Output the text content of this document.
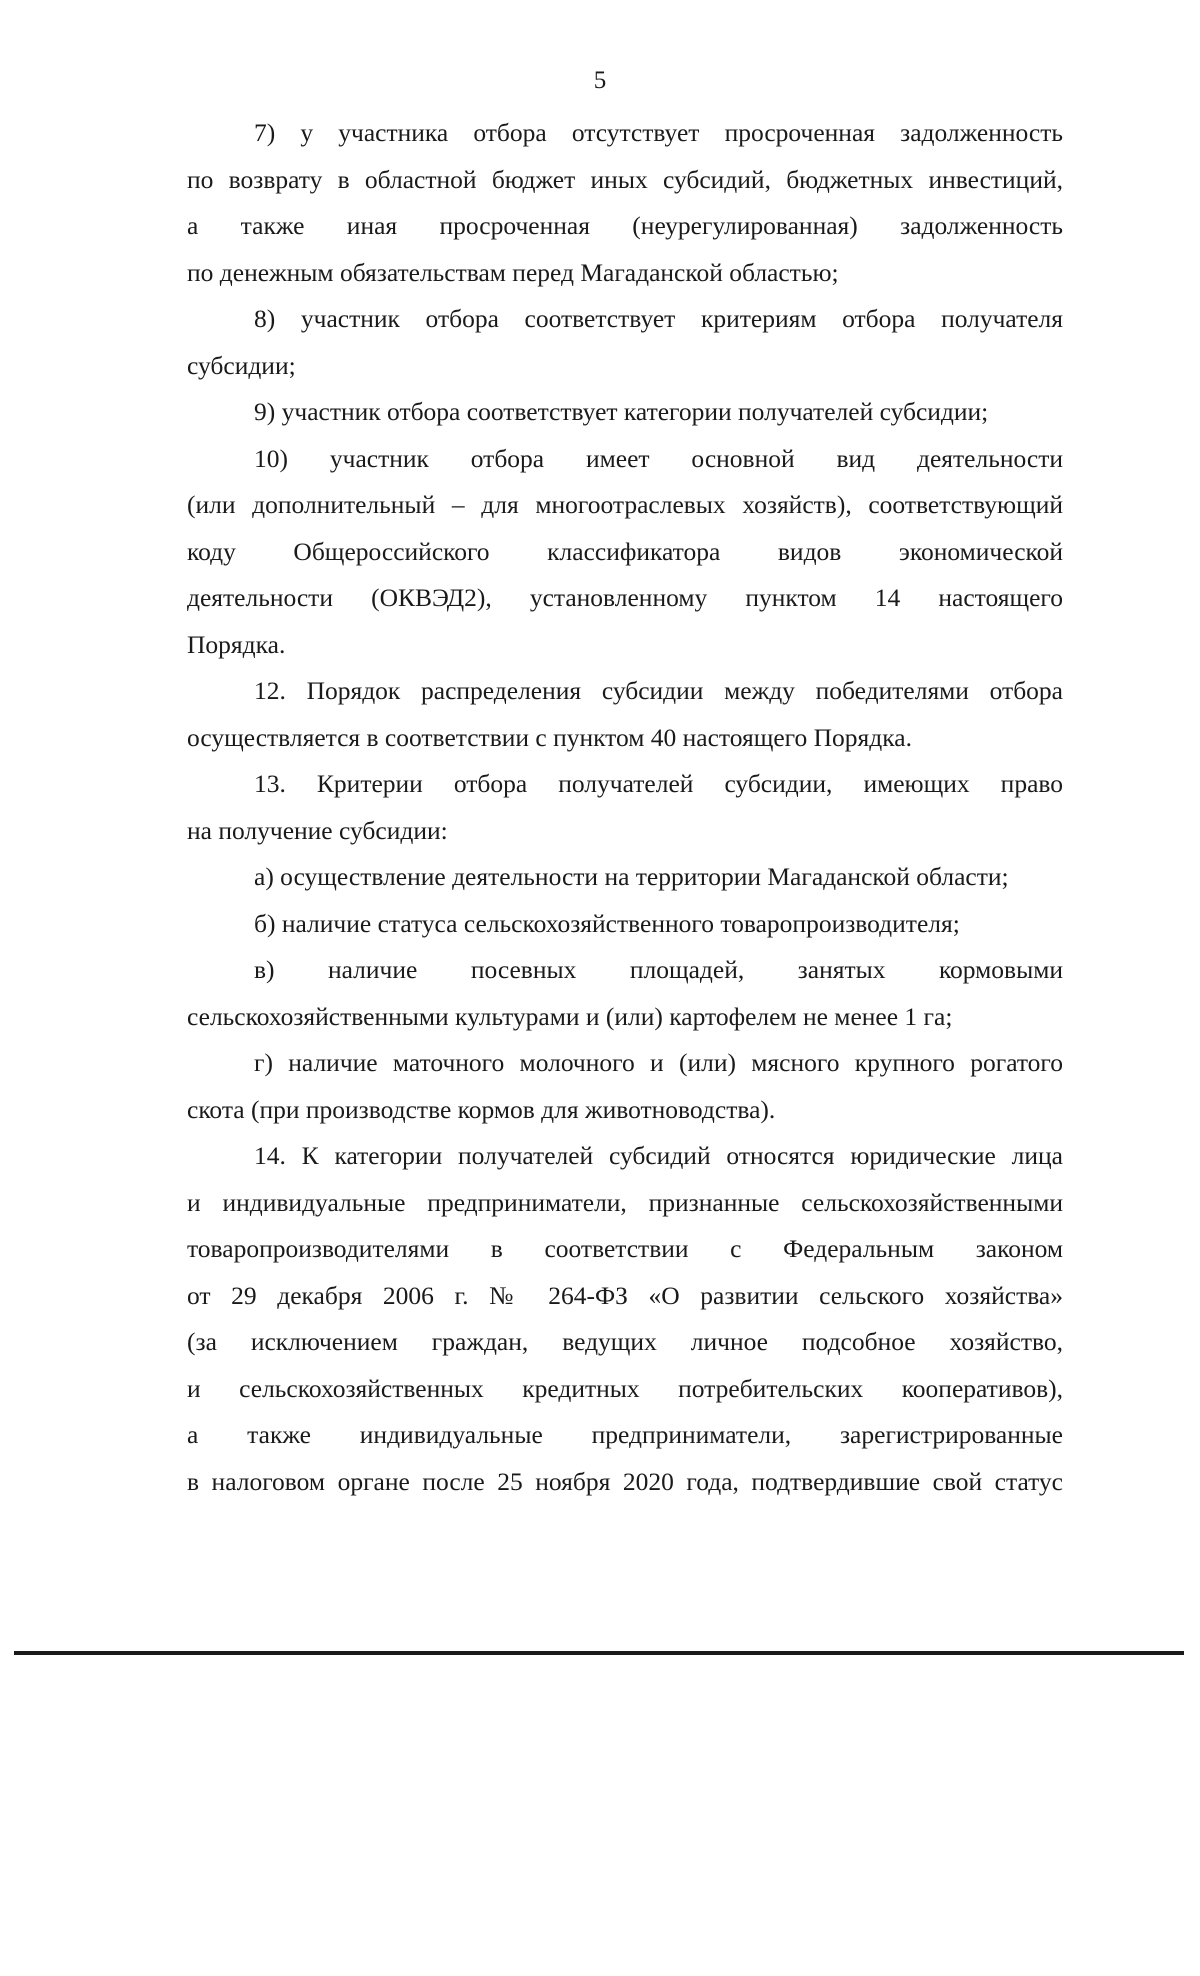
5
7) у участника отбора отсутствует просроченная задолженность
по возврату в областной бюджет иных субсидий, бюджетных инвестиций,
а также иная просроченная (неурегулированная) задолженность
по денежным обязательствам перед Магаданской областью;
8) участник отбора соответствует критериям отбора получателя
субсидии;
9) участник отбора соответствует категории получателей субсидии;
10) участник отбора имеет основной вид деятельности
(или дополнительный – для многоотраслевых хозяйств), соответствующий
коду Общероссийского классификатора видов экономической
деятельности (ОКВЭД2), установленному пунктом 14 настоящего
Порядка.
12. Порядок распределения субсидии между победителями отбора
осуществляется в соответствии с пунктом 40 настоящего Порядка.
13. Критерии отбора получателей субсидии, имеющих право
на получение субсидии:
а) осуществление деятельности на территории Магаданской области;
б) наличие статуса сельскохозяйственного товаропроизводителя;
в) наличие посевных площадей, занятых кормовыми
сельскохозяйственными культурами и (или) картофелем не менее 1 га;
г) наличие маточного молочного и (или) мясного крупного рогатого
скота (при производстве кормов для животноводства).
14. К категории получателей субсидий относятся юридические лица
и индивидуальные предприниматели, признанные сельскохозяйственными
товаропроизводителями в соответствии с Федеральным законом
от 29 декабря 2006 г. № 264-ФЗ «О развитии сельского хозяйства»
(за исключением граждан, ведущих личное подсобное хозяйство,
и сельскохозяйственных кредитных потребительских кооперативов),
а также индивидуальные предприниматели, зарегистрированные
в налоговом органе после 25 ноября 2020 года, подтвердившие свой статус
